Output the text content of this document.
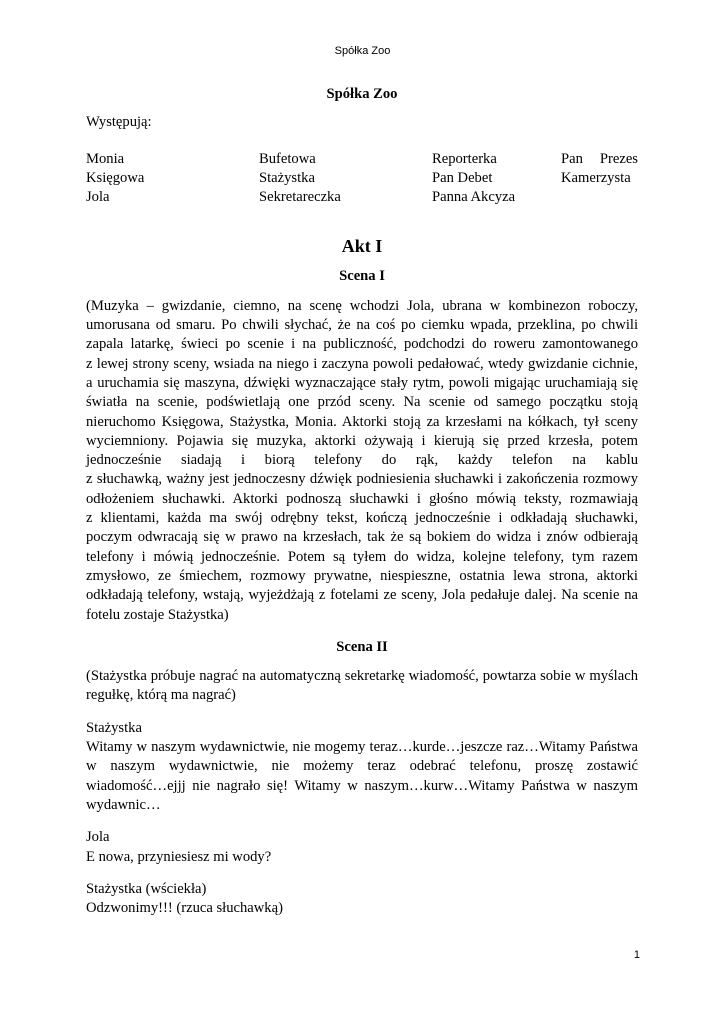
Spółka Zoo
Spółka Zoo
Występują:
Monia	Bufetowa	Reporterka	Pan Prezes
Księgowa	Stażystka	Pan Debet	Kamerzysta
Jola	Sekretareczka	Panna Akcyza
Akt I
Scena I
(Muzyka – gwizdanie, ciemno, na scenę wchodzi Jola, ubrana w kombinezon roboczy,
umorusana od smaru. Po chwili słychać, że na coś po ciemku wpada, przeklina, po chwili
zapala latarkę, świeci po scenie i na publiczność, podchodzi do roweru zamontowanego
z lewej strony sceny, wsiada na niego i zaczyna powoli pedałować, wtedy gwizdanie cichnie,
a uruchamia się maszyna, dźwięki wyznaczające stały rytm, powoli migając uruchamiają się
światła na scenie, podświetlają one przód sceny. Na scenie od samego początku stoją
nieruchomo Księgowa, Stażystka, Monia. Aktorki stoją za krzesłami na kółkach, tył sceny
wyciemniony. Pojawia się muzyka, aktorki ożywają i kierują się przed krzesła, potem
jednocześnie siadają i biorą telefony do rąk, każdy telefon na kablu
z słuchawką, ważny jest jednoczesny dźwięk podniesienia słuchawki i zakończenia rozmowy
odłożeniem słuchawki. Aktorki podnoszą słuchawki i głośno mówią teksty, rozmawiają
z klientami, każda ma swój odrębny tekst, kończą jednocześnie i odkładają słuchawki,
poczym odwracają się w prawo na krzesłach, tak że są bokiem do widza i znów odbierają
telefony i mówią jednocześnie. Potem są tyłem do widza, kolejne telefony, tym razem
zmysłowo, ze śmiechem, rozmowy prywatne, niespieszne, ostatnia lewa strona, aktorki
odkładają telefony, wstają, wyjeżdżają z fotelami ze sceny, Jola pedałuje dalej. Na scenie na
fotelu zostaje Stażystka)
Scena II
(Stażystka próbuje nagrać na automatyczną sekretarkę wiadomość, powtarza sobie w myślach
regułkę, którą ma nagrać)
Stażystka
Witamy w naszym wydawnictwie, nie mogemy teraz…kurde…jeszcze raz…Witamy Państwa
w naszym wydawnictwie, nie możemy teraz odebrać telefonu, proszę zostawić
wiadomość…ejjj nie nagrało się! Witamy w naszym…kurw…Witamy Państwa w naszym
wydawnic…
Jola
E nowa, przyniesiesz mi wody?
Stażystka (wściekła)
Odzwonimy!!! (rzuca słuchawką)
1
